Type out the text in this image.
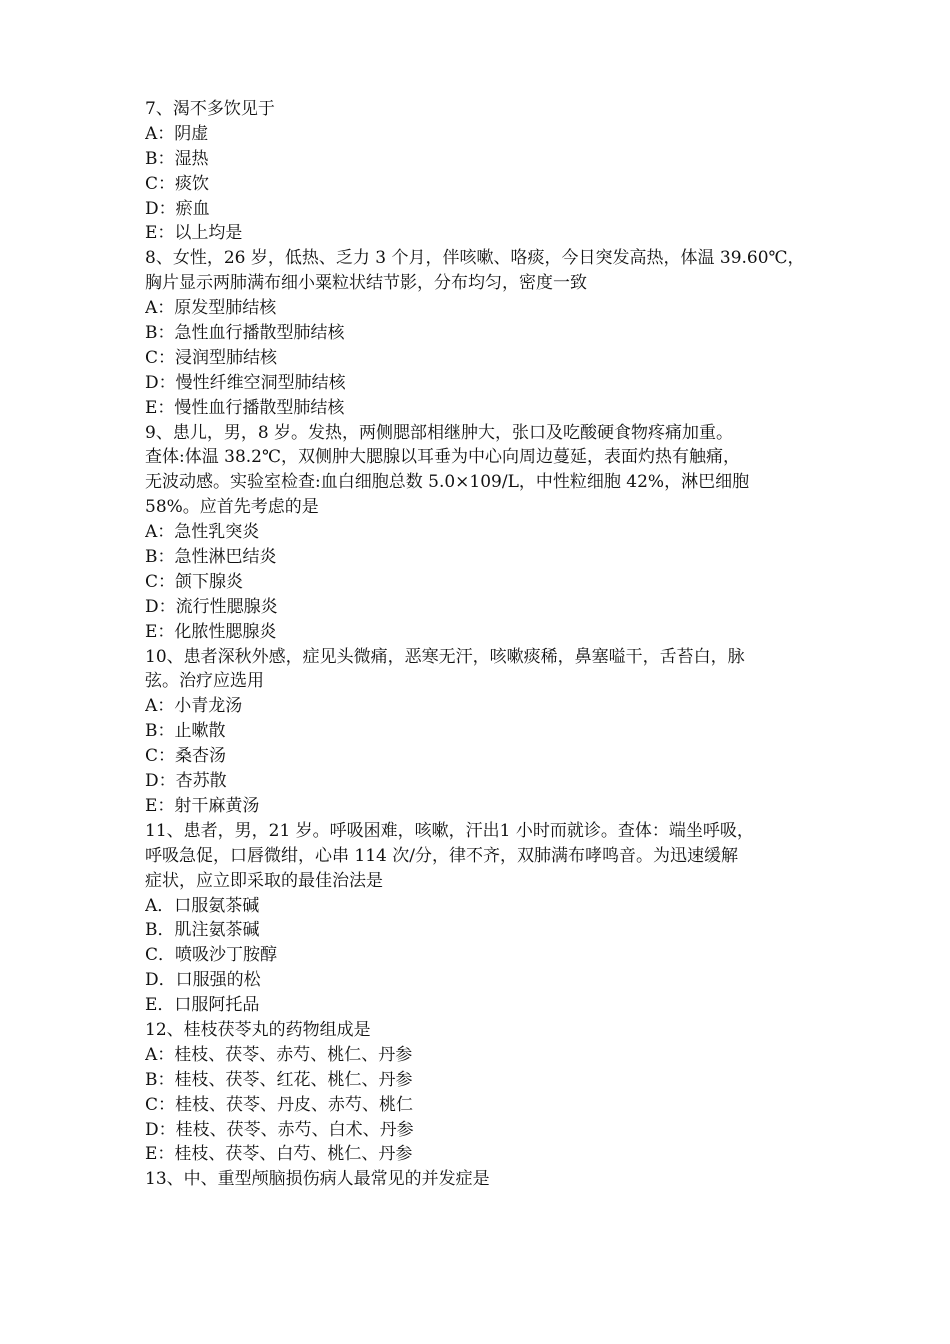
7、渴不多饮见于
A：阴虚
B：湿热
C：痰饮
D：瘀血
E：以上均是
8、女性，26 岁，低热、乏力 3 个月，伴咳嗽、咯痰，今日突发高热，体温 39.60℃，
胸片显示两肺满布细小粟粒状结节影，分布均匀，密度一致
A：原发型肺结核
B：急性血行播散型肺结核
C：浸润型肺结核
D：慢性纤维空洞型肺结核
E：慢性血行播散型肺结核
9、患儿，男，8 岁。发热，两侧腮部相继肿大，张口及吃酸硬食物疼痛加重。
查体:体温 38.2℃，双侧肿大腮腺以耳垂为中心向周边蔓延，表面灼热有触痛，
无波动感。实验室检查:血白细胞总数 5.0×109/L，中性粒细胞 42%，淋巴细胞
58%。应首先考虑的是
A：急性乳突炎
B：急性淋巴结炎
C：颌下腺炎
D：流行性腮腺炎
E：化脓性腮腺炎
10、患者深秋外感，症见头微痛，恶寒无汗，咳嗽痰稀，鼻塞嗌干，舌苔白，脉
弦。治疗应选用
A：小青龙汤
B：止嗽散
C：桑杏汤
D：杏苏散
E：射干麻黄汤
11、患者，男，21 岁。呼吸困难，咳嗽，汗出1 小时而就诊。查体：端坐呼吸，
呼吸急促，口唇微绀，心串 114 次/分，律不齐，双肺满布哮鸣音。为迅速缓解
症状，应立即采取的最佳治法是
A．口服氨茶碱
B．肌注氨茶碱
C．喷吸沙丁胺醇
D．口服强的松
E．口服阿托品
12、桂枝茯苓丸的药物组成是
A：桂枝、茯苓、赤芍、桃仁、丹参
B：桂枝、茯苓、红花、桃仁、丹参
C：桂枝、茯苓、丹皮、赤芍、桃仁
D：桂枝、茯苓、赤芍、白术、丹参
E：桂枝、茯苓、白芍、桃仁、丹参
13、中、重型颅脑损伤病人最常见的并发症是
